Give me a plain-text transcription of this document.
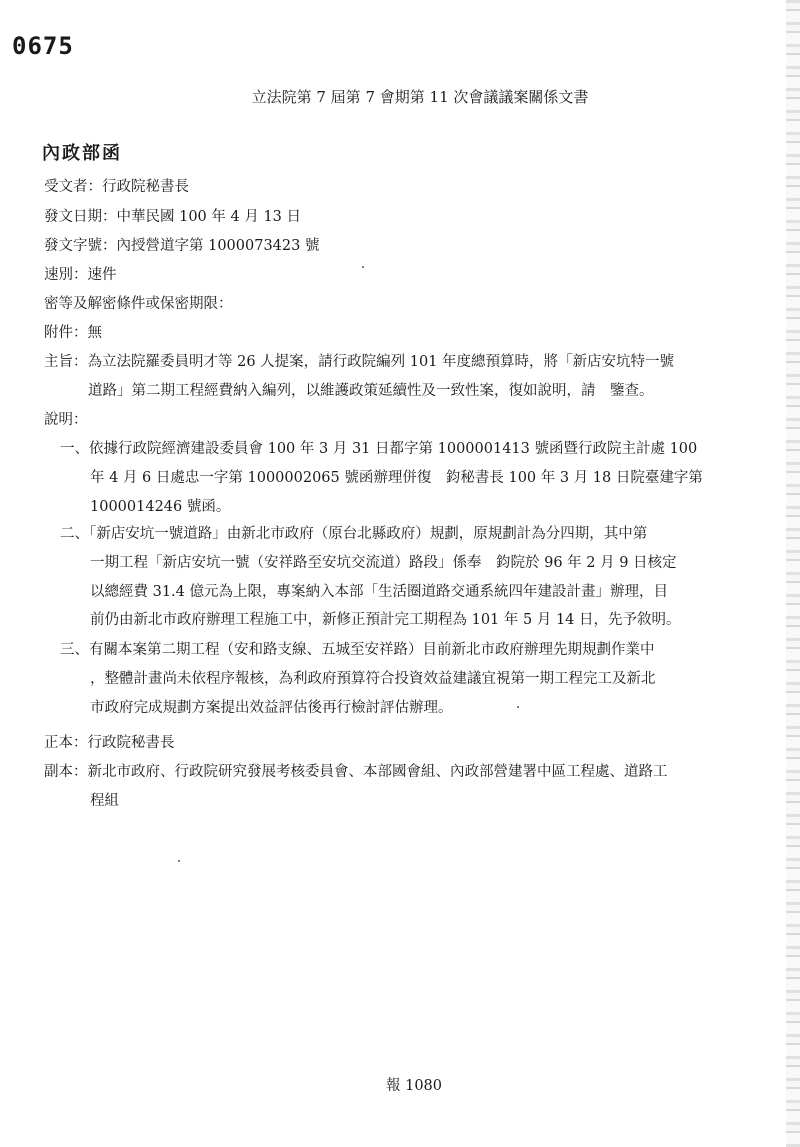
0675
立法院第 7 屆第 7 會期第 11 次會議議案關係文書
內政部函
受文者：行政院秘書長
發文日期：中華民國 100 年 4 月 13 日
發文字號：內授營道字第 1000073423 號
速別：速件
密等及解密條件或保密期限：
附件：無
主旨：為立法院羅委員明才等 26 人提案，請行政院編列 101 年度總預算時，將「新店安坑特一號
道路」第二期工程經費納入編列，以維護政策延續性及一致性案，復如說明，請　鑒查。
說明：
一、依據行政院經濟建設委員會 100 年 3 月 31 日都字第 1000001413 號函暨行政院主計處 100
年 4 月 6 日處忠一字第 1000002065 號函辦理併復　鈞秘書長 100 年 3 月 18 日院臺建字第
1000014246 號函。
二、「新店安坑一號道路」由新北市政府（原台北縣政府）規劃，原規劃計為分四期，其中第
一期工程「新店安坑一號（安祥路至安坑交流道）路段」係奉　鈞院於 96 年 2 月 9 日核定
以總經費 31.4 億元為上限，專案納入本部「生活圈道路交通系統四年建設計畫」辦理，目
前仍由新北市政府辦理工程施工中，新修正預計完工期程為 101 年 5 月 14 日，先予敘明。
三、有關本案第二期工程（安和路支線、五城至安祥路）目前新北市政府辦理先期規劃作業中
，整體計畫尚未依程序報核，為利政府預算符合投資效益建議宜視第一期工程完工及新北
市政府完成規劃方案提出效益評估後再行檢討評估辦理。
正本：行政院秘書長
副本：新北市政府、行政院研究發展考核委員會、本部國會組、內政部營建署中區工程處、道路工
程組
報 1080
